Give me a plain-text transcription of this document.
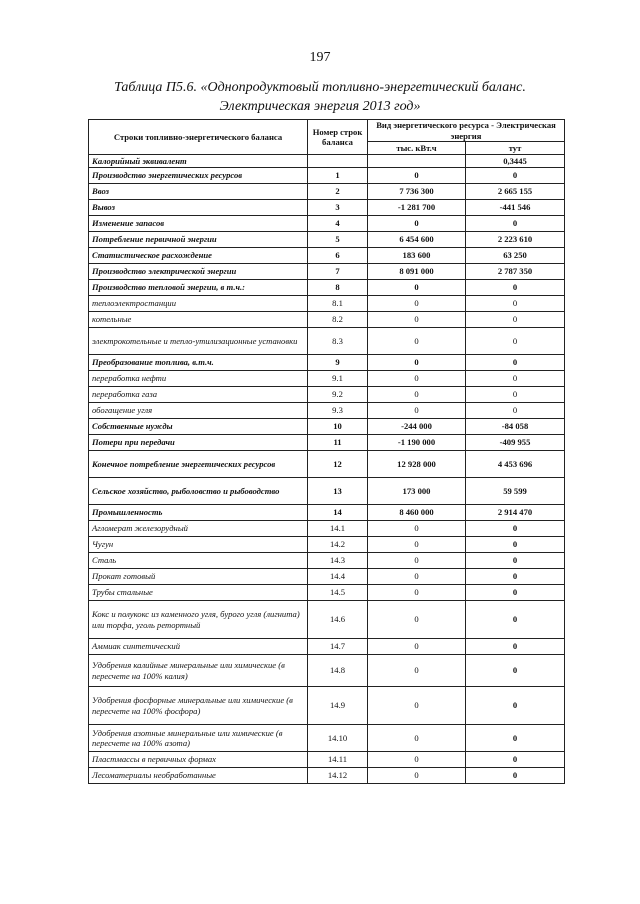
197
Таблица П5.6. «Однопродуктовый топливно-энергетический баланс.
Электрическая энергия 2013 год»
Строки топливно-энергетического баланса	Номер строк баланса	Вид энергетического ресурса - Электрическая энергия	
		тыс. кВт.ч	тут
Калорийный эквивалент			0,3445
Производство энергетических ресурсов	1	0	0
Ввоз	2	7 736 300	2 665 155
Вывоз	3	-1 281 700	-441 546
Изменение запасов	4	0	0
Потребление первичной энергии	5	6 454 600	2 223 610
Статистическое расхождение	6	183 600	63 250
Производство электрической энергии	7	8 091 000	2 787 350
Производство тепловой энергии, в т.ч.:	8	0	0
теплоэлектростанции	8.1	0	0
котельные	8.2	0	0
электрокотельные и тепло-утилизационные установки	8.3	0	0
Преобразование топлива, в.т.ч.	9	0	0
переработка нефти	9.1	0	0
переработка газа	9.2	0	0
обогащение угля	9.3	0	0
Собственные нужды	10	-244 000	-84 058
Потери при передачи	11	-1 190 000	-409 955
Конечное потребление энергетических ресурсов	12	12 928 000	4 453 696
Сельское хозяйство, рыболовство и рыбоводство	13	173 000	59 599
Промышленность	14	8 460 000	2 914 470
Агломерат железорудный	14.1	0	0
Чугун	14.2	0	0
Сталь	14.3	0	0
Прокат готовый	14.4	0	0
Трубы стальные	14.5	0	0
Кокс и полукокс из каменного угля, бурого угля (лигнита) или торфа, уголь ретортный	14.6	0	0
Аммиак синтетический	14.7	0	0
Удобрения калийные минеральные или химические (в пересчете на 100% калия)	14.8	0	0
Удобрения фосфорные минеральные или химические (в пересчете на 100% фосфора)	14.9	0	0
Удобрения азотные минеральные или химические (в пересчете на 100% азота)	14.10	0	0
Пластмассы в первичных формах	14.11	0	0
Лесоматериалы необработанные	14.12	0	0
